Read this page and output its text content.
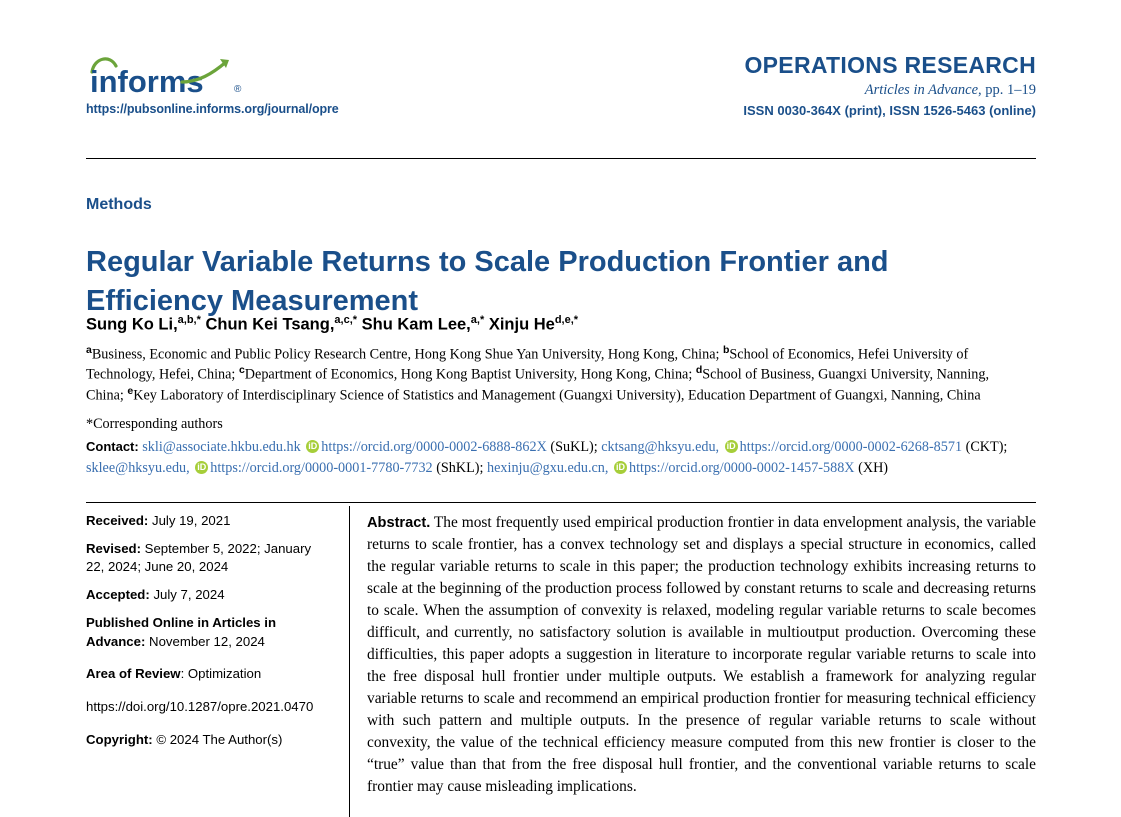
informs	®
https://pubsonline.informs.org/journal/opre
OPERATIONS RESEARCH
Articles in Advance, pp. 1–19
ISSN 0030-364X (print), ISSN 1526-5463 (online)
Methods
Regular Variable Returns to Scale Production Frontier and Efficiency Measurement
Sung Ko Li,$^{a,b,*}$ Chun Kei Tsang,$^{a,c,*}$ Shu Kam Lee,$^{a,*}$ Xinju $He^{d,e,*}$
$^a$Business, Economic and Public Policy Research Centre, Hong Kong Shue Yan University, Hong Kong, China; $^b$School of Economics, Hefei University of Technology, Hefei, China; $^c$Department of Economics, Hong Kong Baptist University, Hong Kong, China; $^d$School of Business, Guangxi University, Nanning, China; $^e$Key Laboratory of Interdisciplinary Science of Statistics and Management (Guangxi University), Education Department of Guangxi, Nanning, China
*Corresponding authors
Contact: skli@associate.hkbu.edu.hk iD https://orcid.org/0000-0002-6888-862X (SuKL); cktsang@hksyu.edu, iD https://orcid.org/0000-0002-6268-8571 (CKT); sklee@hksyu.edu, iD https://orcid.org/0000-0001-7780-7732 (ShKL); hexinju@gxu.edu.cn, iD https://orcid.org/0000-0002-1457-588X (XH)
Received: July 19, 2021
Revised: September 5, 2022; January 22, 2024; June 20, 2024
Accepted: July 7, 2024
Published Online in Articles in Advance: November 12, 2024
Area of Review: Optimization
https://doi.org/10.1287/opre.2021.0470
Copyright: © 2024 The Author(s)
Abstract. The most frequently used empirical production frontier in data envelopment analysis, the variable returns to scale frontier, has a convex technology set and displays a special structure in economics, called the regular variable returns to scale in this paper; the production technology exhibits increasing returns to scale at the beginning of the production process followed by constant returns to scale and decreasing returns to scale. When the assumption of convexity is relaxed, modeling regular variable returns to scale becomes difficult, and currently, no satisfactory solution is available in multioutput production. Overcoming these difficulties, this paper adopts a suggestion in literature to incorporate regular variable returns to scale into the free disposal hull frontier under multiple outputs. We establish a framework for analyzing regular variable returns to scale and recommend an empirical production frontier for measuring technical efficiency with such pattern and multiple outputs. In the presence of regular variable returns to scale without convexity, the value of the technical efficiency measure computed from this new frontier is closer to the “true” value than that from the free disposal hull frontier, and the conventional variable returns to scale frontier may cause misleading implications.
